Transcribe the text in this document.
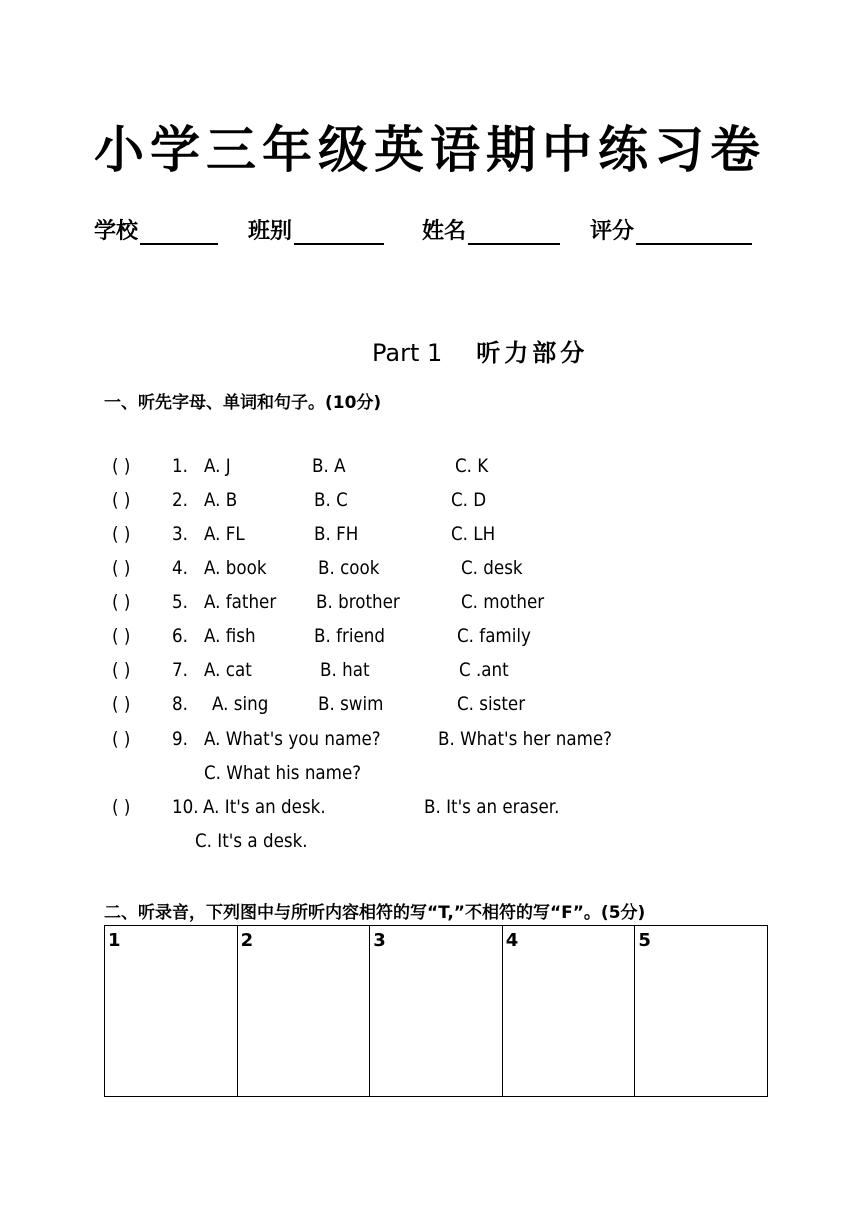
小学三年级英语期中练习卷
学校	班别	姓名	评分
Part 1 听力部分
一、听先字母、单词和句子。(10分)
( ) 1. A. J	B. A	C. K
( ) 2. A. B	B. C	C. D
( ) 3. A. FL	B. FH	C. LH
( ) 4. A. book	B. cook	C. desk
( ) 5. A. father B. brother	C. mother
( ) 6. A. fish	B. friend	C. family
( ) 7. A. cat	B. hat	C .ant
( ) 8. A. sing	B. swim	C. sister
( ) 9. A. What's you name?	B. What's her name?
C. What his name?
( ) 10. A. It's an desk.	B. It's an eraser.
C. It's a desk.
二、听录音，下列图中与所听内容相符的写“T,”不相符的写“F”。(5分)
1	2	3	4	5
